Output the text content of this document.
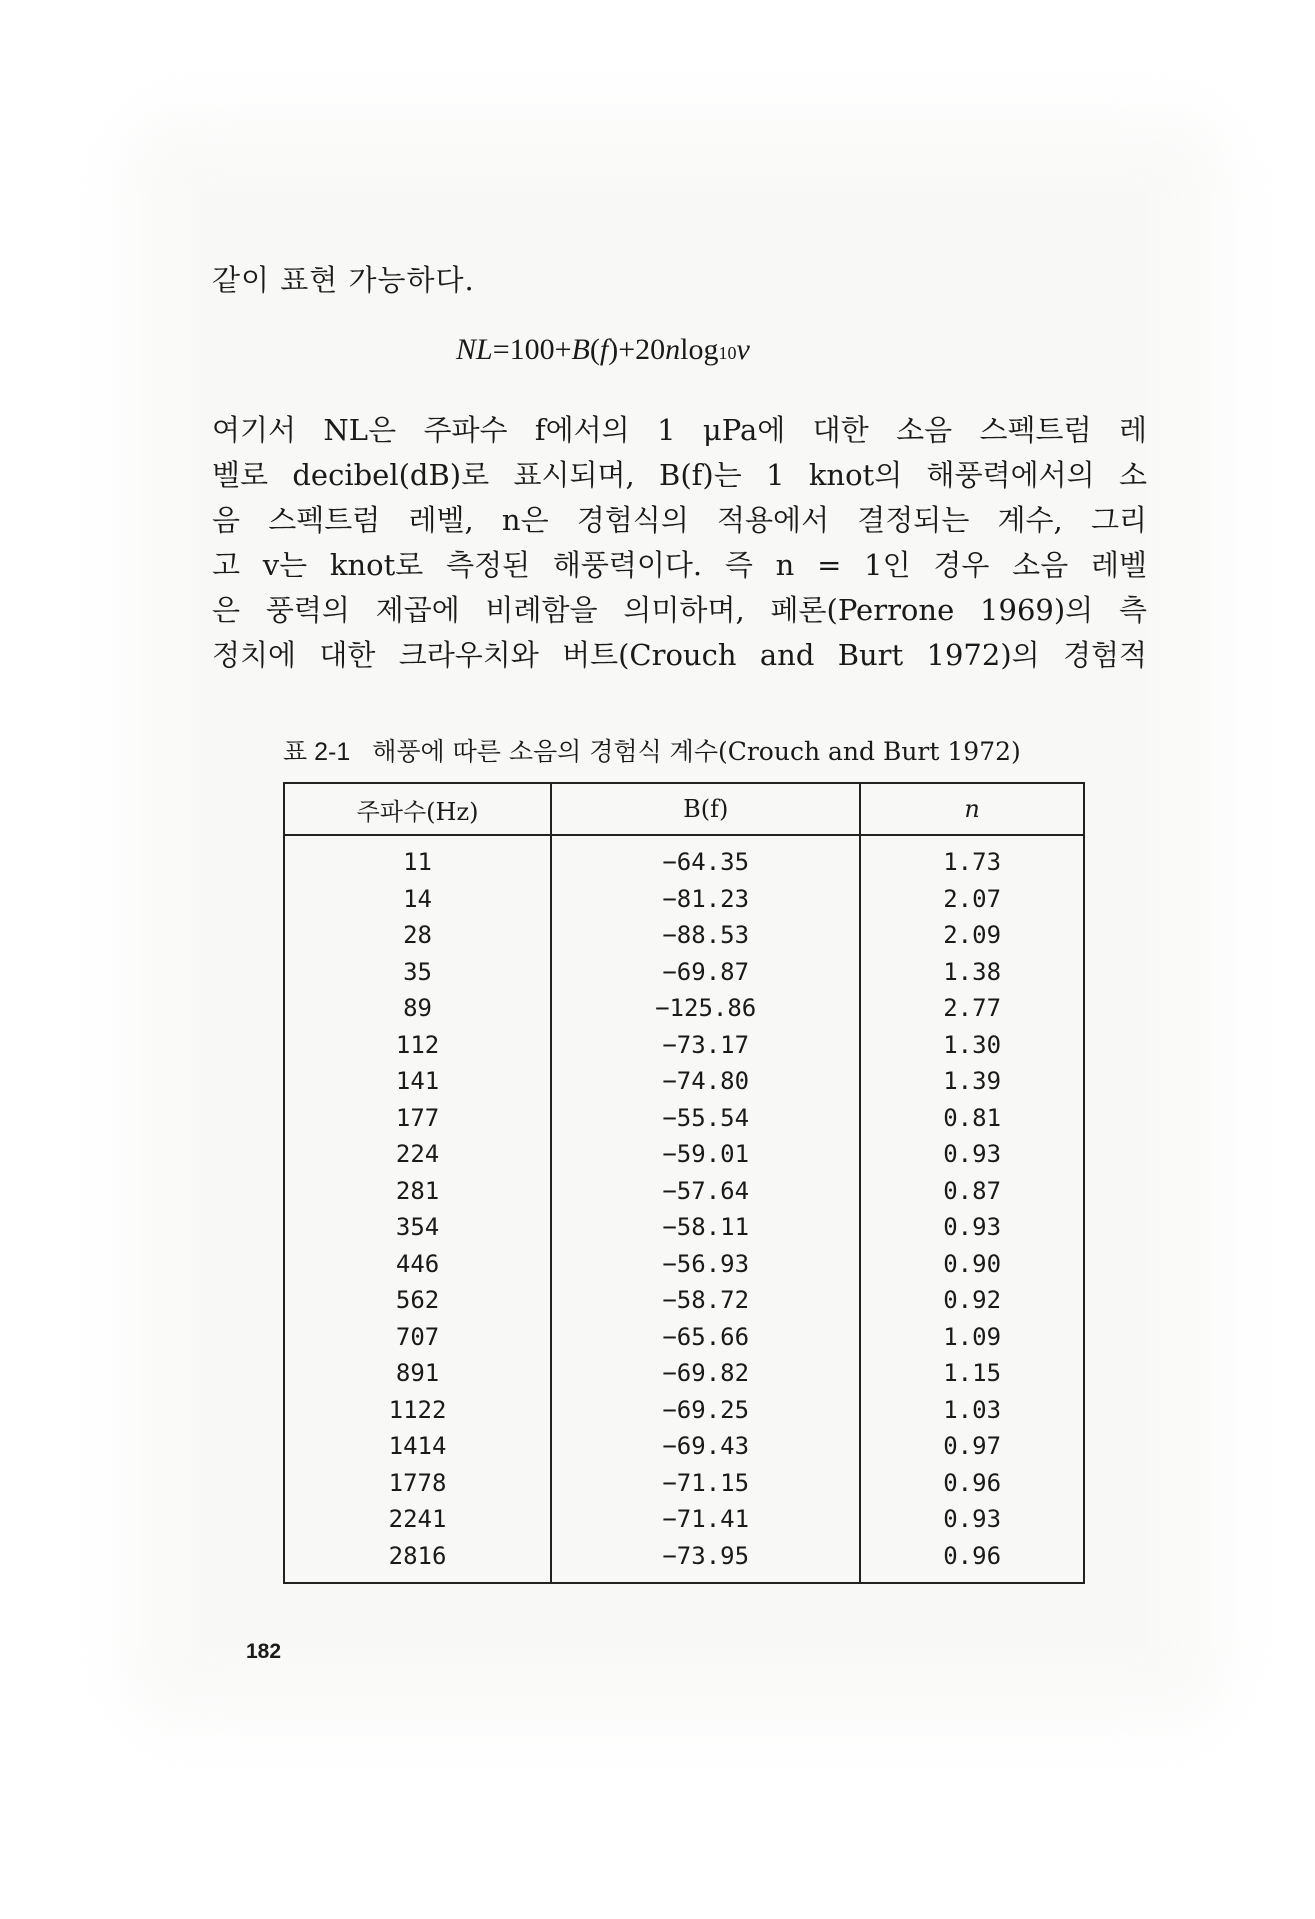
같이 표현 가능하다.
NL=100+B(f)+20nlog10v
여기서 NL은 주파수 f에서의 1 μPa에 대한 소음 스펙트럼 레
벨로 decibel(dB)로 표시되며, B(f)는 1 knot의 해풍력에서의 소
음 스펙트럼 레벨, n은 경험식의 적용에서 결정되는 계수, 그리
고 v는 knot로 측정된 해풍력이다. 즉 n = 1인 경우 소음 레벨
은 풍력의 제곱에 비례함을 의미하며, 페론(Perrone 1969)의 측
정치에 대한 크라우치와 버트(Crouch and Burt 1972)의 경험적
표 2-1 해풍에 따른 소음의 경험식 계수(Crouch and Burt 1972)
주파수(Hz)	B(f)	n
11	−64.35	1.73
14	−81.23	2.07
28	−88.53	2.09
35	−69.87	1.38
89	−125.86	2.77
112	−73.17	1.30
141	−74.80	1.39
177	−55.54	0.81
224	−59.01	0.93
281	−57.64	0.87
354	−58.11	0.93
446	−56.93	0.90
562	−58.72	0.92
707	−65.66	1.09
891	−69.82	1.15
1122	−69.25	1.03
1414	−69.43	0.97
1778	−71.15	0.96
2241	−71.41	0.93
2816	−73.95	0.96
182
